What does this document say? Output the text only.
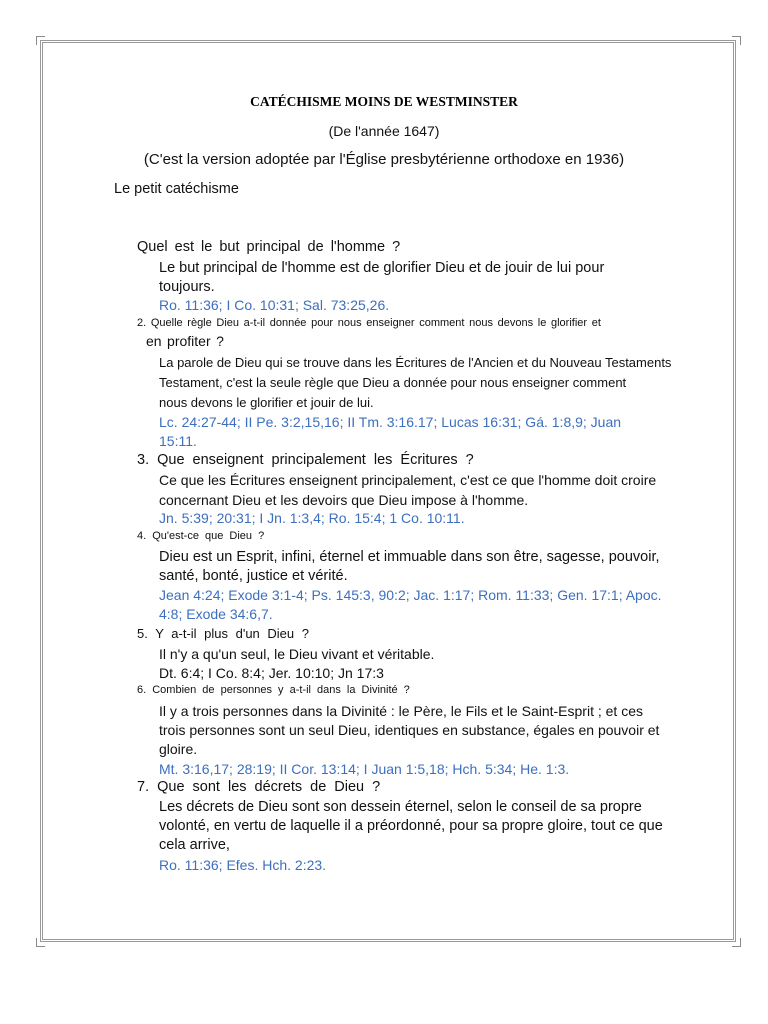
CATÉCHISME MOINS DE WESTMINSTER
(De l'année 1647)
(C'est la version adoptée par l'Église presbytérienne orthodoxe en 1936)
Le petit catéchisme
Quel est le but principal de l'homme ?
Le but principal de l'homme est de glorifier Dieu et de jouir de lui pour
toujours.
Ro. 11:36; I Co. 10:31; Sal. 73:25,26.
2. Quelle règle Dieu a-t-il donnée pour nous enseigner comment nous devons le glorifier et
en profiter ?
La parole de Dieu qui se trouve dans les Écritures de l'Ancien et du Nouveau Testaments
Testament, c'est la seule règle que Dieu a donnée pour nous enseigner comment
nous devons le glorifier et jouir de lui.
Lc. 24:27-44; II Pe. 3:2,15,16; II Tm. 3:16.17; Lucas 16:31; Gá. 1:8,9; Juan
15:11.
3. Que enseignent principalement les Écritures ?
Ce que les Écritures enseignent principalement, c'est ce que l'homme doit croire
concernant Dieu et les devoirs que Dieu impose à l'homme.
Jn. 5:39; 20:31; I Jn. 1:3,4; Ro. 15:4; 1 Co. 10:11.
4. Qu'est-ce que Dieu ?
Dieu est un Esprit, infini, éternel et immuable dans son être, sagesse, pouvoir,
santé, bonté, justice et vérité.
Jean 4:24; Exode 3:1-4; Ps. 145:3, 90:2; Jac. 1:17; Rom. 11:33; Gen. 17:1; Apoc.
4:8; Exode 34:6,7.
5. Y a-t-il plus d'un Dieu ?
Il n'y a qu'un seul, le Dieu vivant et véritable.
Dt. 6:4; I Co. 8:4; Jer. 10:10; Jn 17:3
6. Combien de personnes y a-t-il dans la Divinité ?
Il y a trois personnes dans la Divinité : le Père, le Fils et le Saint-Esprit ; et ces
trois personnes sont un seul Dieu, identiques en substance, égales en pouvoir et
gloire.
Mt. 3:16,17; 28:19; II Cor. 13:14; I Juan 1:5,18; Hch. 5:34; He. 1:3.
7. Que sont les décrets de Dieu ?
Les décrets de Dieu sont son dessein éternel, selon le conseil de sa propre
volonté, en vertu de laquelle il a préordonné, pour sa propre gloire, tout ce que
cela arrive,
Ro. 11:36; Efes. Hch. 2:23.
